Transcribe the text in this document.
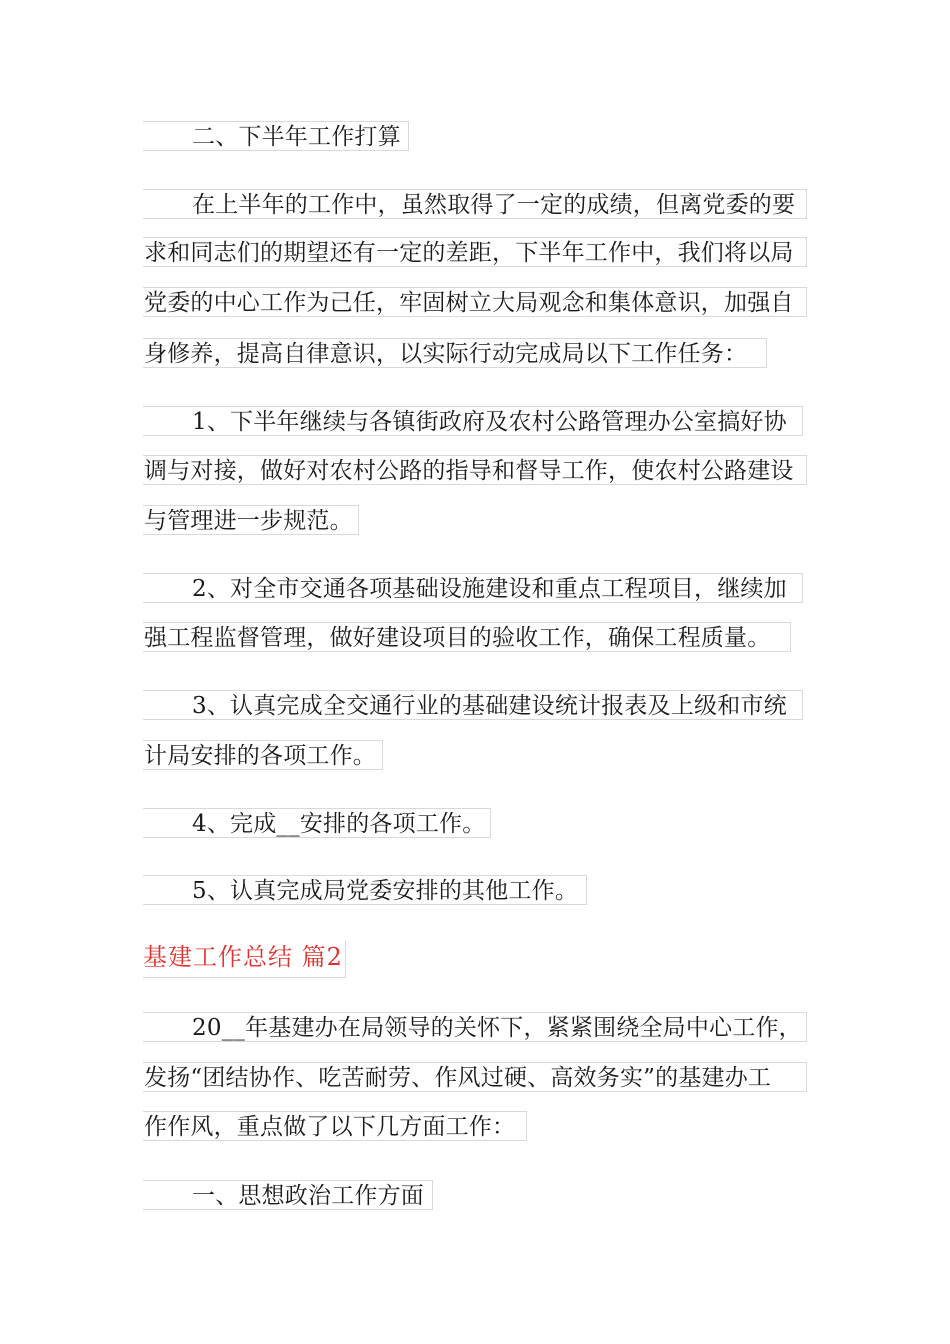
二、下半年工作打算
在上半年的工作中，虽然取得了一定的成绩，但离党委的要
求和同志们的期望还有一定的差距，下半年工作中，我们将以局
党委的中心工作为己任，牢固树立大局观念和集体意识，加强自
身修养，提高自律意识，以实际行动完成局以下工作任务：
1、下半年继续与各镇街政府及农村公路管理办公室搞好协
调与对接，做好对农村公路的指导和督导工作，使农村公路建设
与管理进一步规范。
2、对全市交通各项基础设施建设和重点工程项目，继续加
强工程监督管理，做好建设项目的验收工作，确保工程质量。
3、认真完成全交通行业的基础建设统计报表及上级和市统
计局安排的各项工作。
4、完成__安排的各项工作。
5、认真完成局党委安排的其他工作。
基建工作总结 篇2
20__年基建办在局领导的关怀下，紧紧围绕全局中心工作，
发扬“团结协作、吃苦耐劳、作风过硬、高效务实”的基建办工
作作风，重点做了以下几方面工作：
一、思想政治工作方面
